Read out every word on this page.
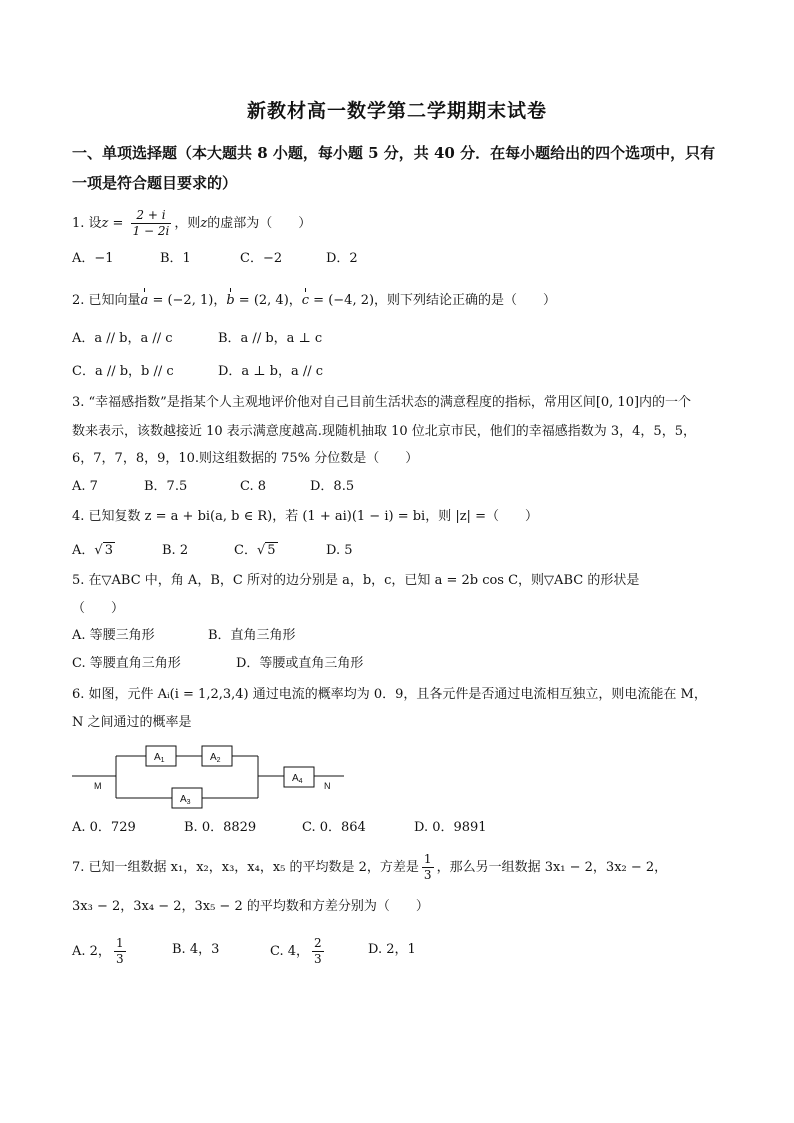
新教材高一数学第二学期期末试卷
一、单项选择题（本大题共 8 小题，每小题 5 分，共 40 分．在每小题给出的四个选项中，只有一项是符合题目要求的）
1. 设$z = \frac{2 + i}{1 - 2i}$ ，则z的虚部为（　　）
A．−1	B．1	C．−2	D．2
2. 已知向量a = (−2, 1)，b = (2, 4)，c = (−4, 2)，则下列结论正确的是（　　）
A．a // b，a // c	B．a // b，a ⊥ c
C．a // b，b // c	D．a ⊥ b，a // c
3. “幸福感指数”是指某个人主观地评价他对自己目前生活状态的满意程度的指标，常用区间[0, 10]内的一个
数来表示，该数越接近 10 表示满意度越高.现随机抽取 10 位北京市民，他们的幸福感指数为 3，4，5，5，
6，7，7，8，9，10.则这组数据的 75% 分位数是（　　）
A. 7	B．7.5	C. 8	D．8.5
4. 已知复数 z = a + bi(a, b ∈ R)，若 (1 + ai)(1 − i) = bi，则 |z| =（　　）
A．√ 3	B. 2	C．√ 5	D. 5
5. 在▽ABC 中，角 A，B，C 所对的边分别是 a，b，c，已知 a = 2b cos C，则▽ABC 的形状是
（　　）
A. 等腰三角形	B．直角三角形
C. 等腰直角三角形	D．等腰或直角三角形
6. 如图，元件 Aᵢ(i = 1,2,3,4) 通过电流的概率均为 0．9，且各元件是否通过电流相互独立，则电流能在 M，
N 之间通过的概率是
$A_1$	$A_2$
$A_3$
$A_4$
M	N
A. 0．729	B. 0．8829	C. 0．864	D. 0．9891
7. 已知一组数据 x₁，x₂，x₃，x₄，x₅ 的平均数是 2，方差是 $\frac{1}{3}$ ，那么另一组数据 3x₁ − 2，3x₂ − 2，
3x₃ − 2，3x₄ − 2，3x₅ − 2 的平均数和方差分别为（　　）
A. 2， $\frac{1}{3}$	B. 4，3	C. 4， $\frac{2}{3}$	D. 2，1
